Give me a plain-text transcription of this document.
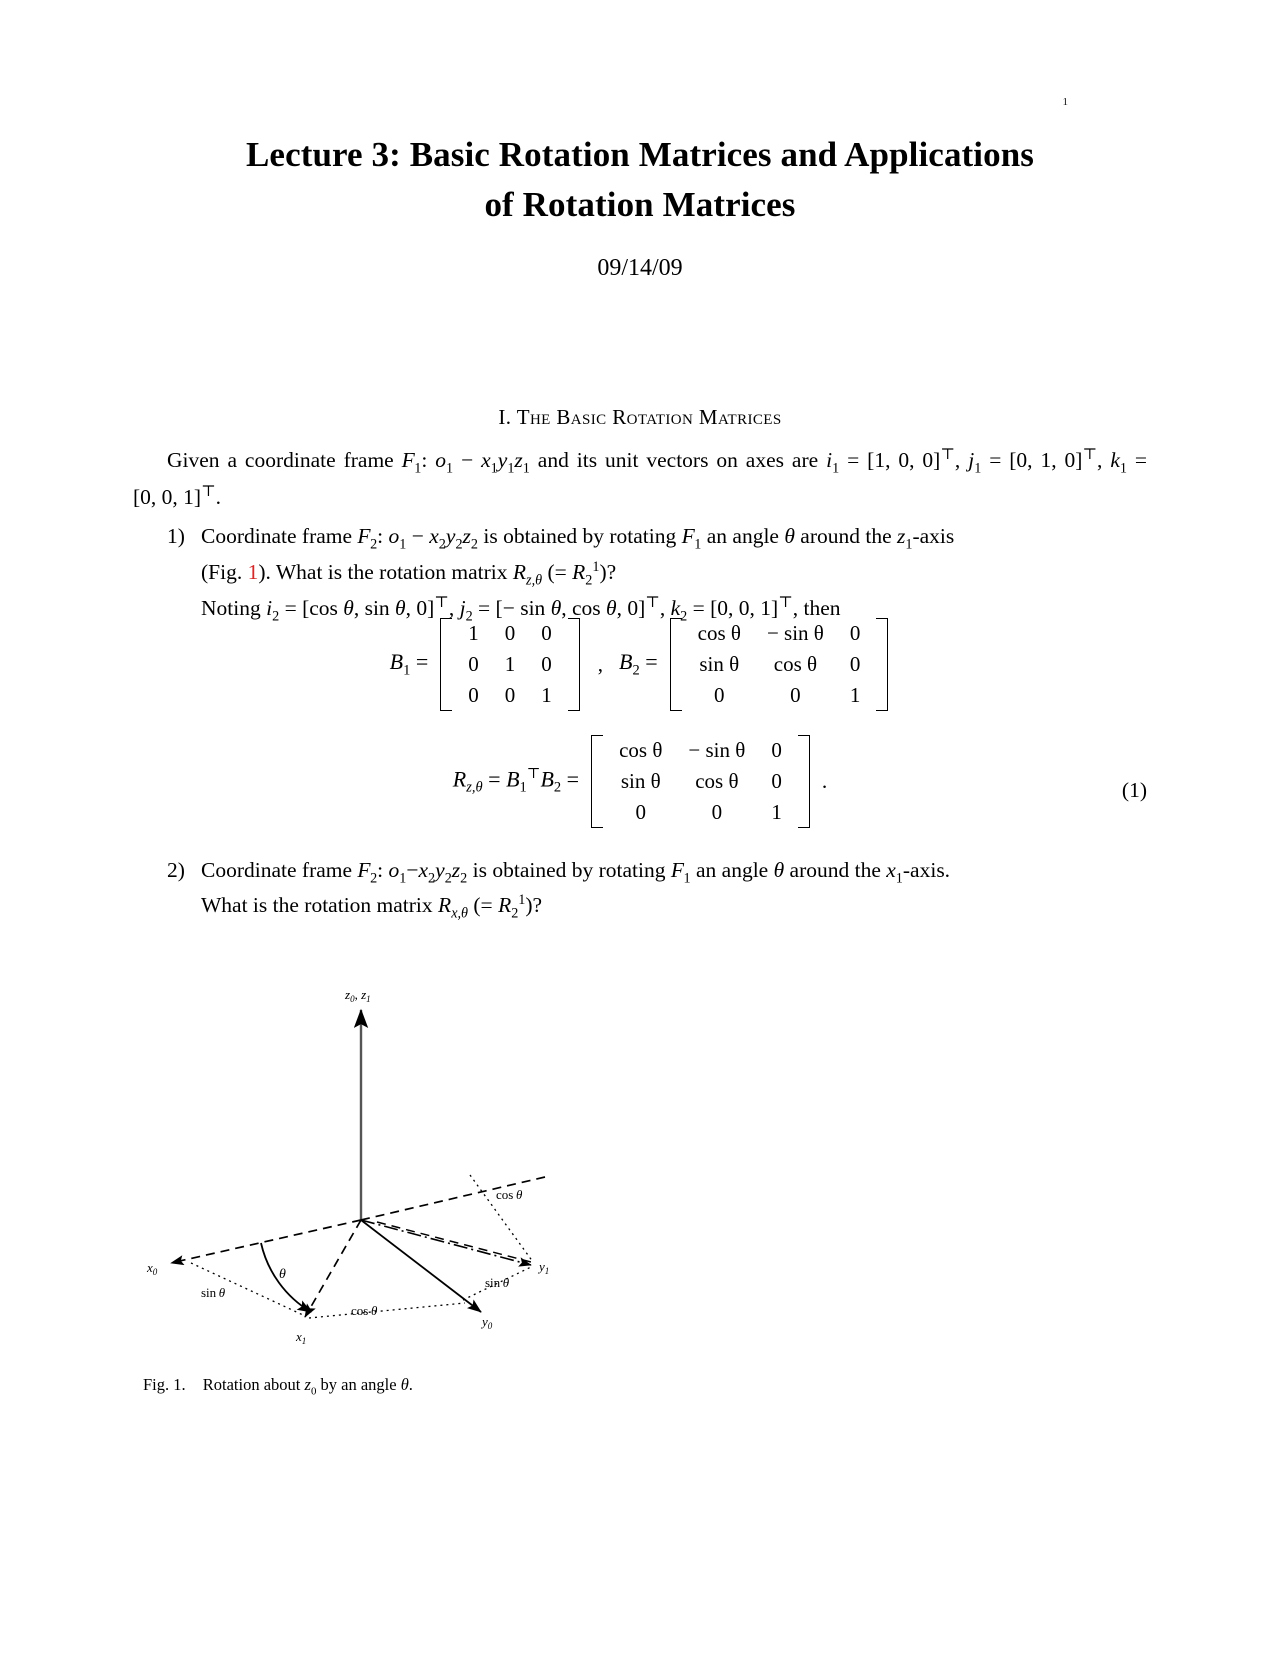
1
Lecture 3: Basic Rotation Matrices and Applications
of Rotation Matrices
09/14/09
I. The Basic Rotation Matrices

Given a coordinate frame $F_1$: $o_1 - x_1y_1z_1$ and its unit vectors on axes are $i_1 = [1$, 0, 0]⊤, $j_1 = [0$, 1, 0]⊤, $k_1 = [0$, 0, 1]⊤.

1) Coordinate frame $F_2$: $o_1 - x_2y_2z_2$ is obtained by rotating $F_1$ an angle θ around the $z_1$-axis
(Fig. 1). What is the rotation matrix $R_{z,\theta}$ (= $R_2^1$)?
Noting $i_2 = [\cos$ θ, sin θ, 0]⊤, $j_2$ = [− sin θ, cos θ, 0]⊤, $k_2 = [0$, 0, 1]⊤, then
$B_1$ =
1	0	0
0	1	0
0	0	1
, $B_2$ =
cos θ	− sin θ	0
sin θ	cos θ	0
0	0	1
$R_{z,\theta} = B_1^⊤B_2$ =
cos θ	− sin θ	0
sin θ	cos θ	0
0	0	1
.	(1)
2) Coordinate frame $F_2$: $o_1-x_2y_2z_2$ is obtained by rotating $F_1$ an angle θ around the $x_1$-axis.
What is the rotation matrix $R_{x,\theta}$ (= $R_2^1$)?
z0, z1
x0
x1
y0
y1
θ
cos θ
sin θ
sin θ
cos θ
Fig. 1. Rotation about $z_0$ by an angle θ.
